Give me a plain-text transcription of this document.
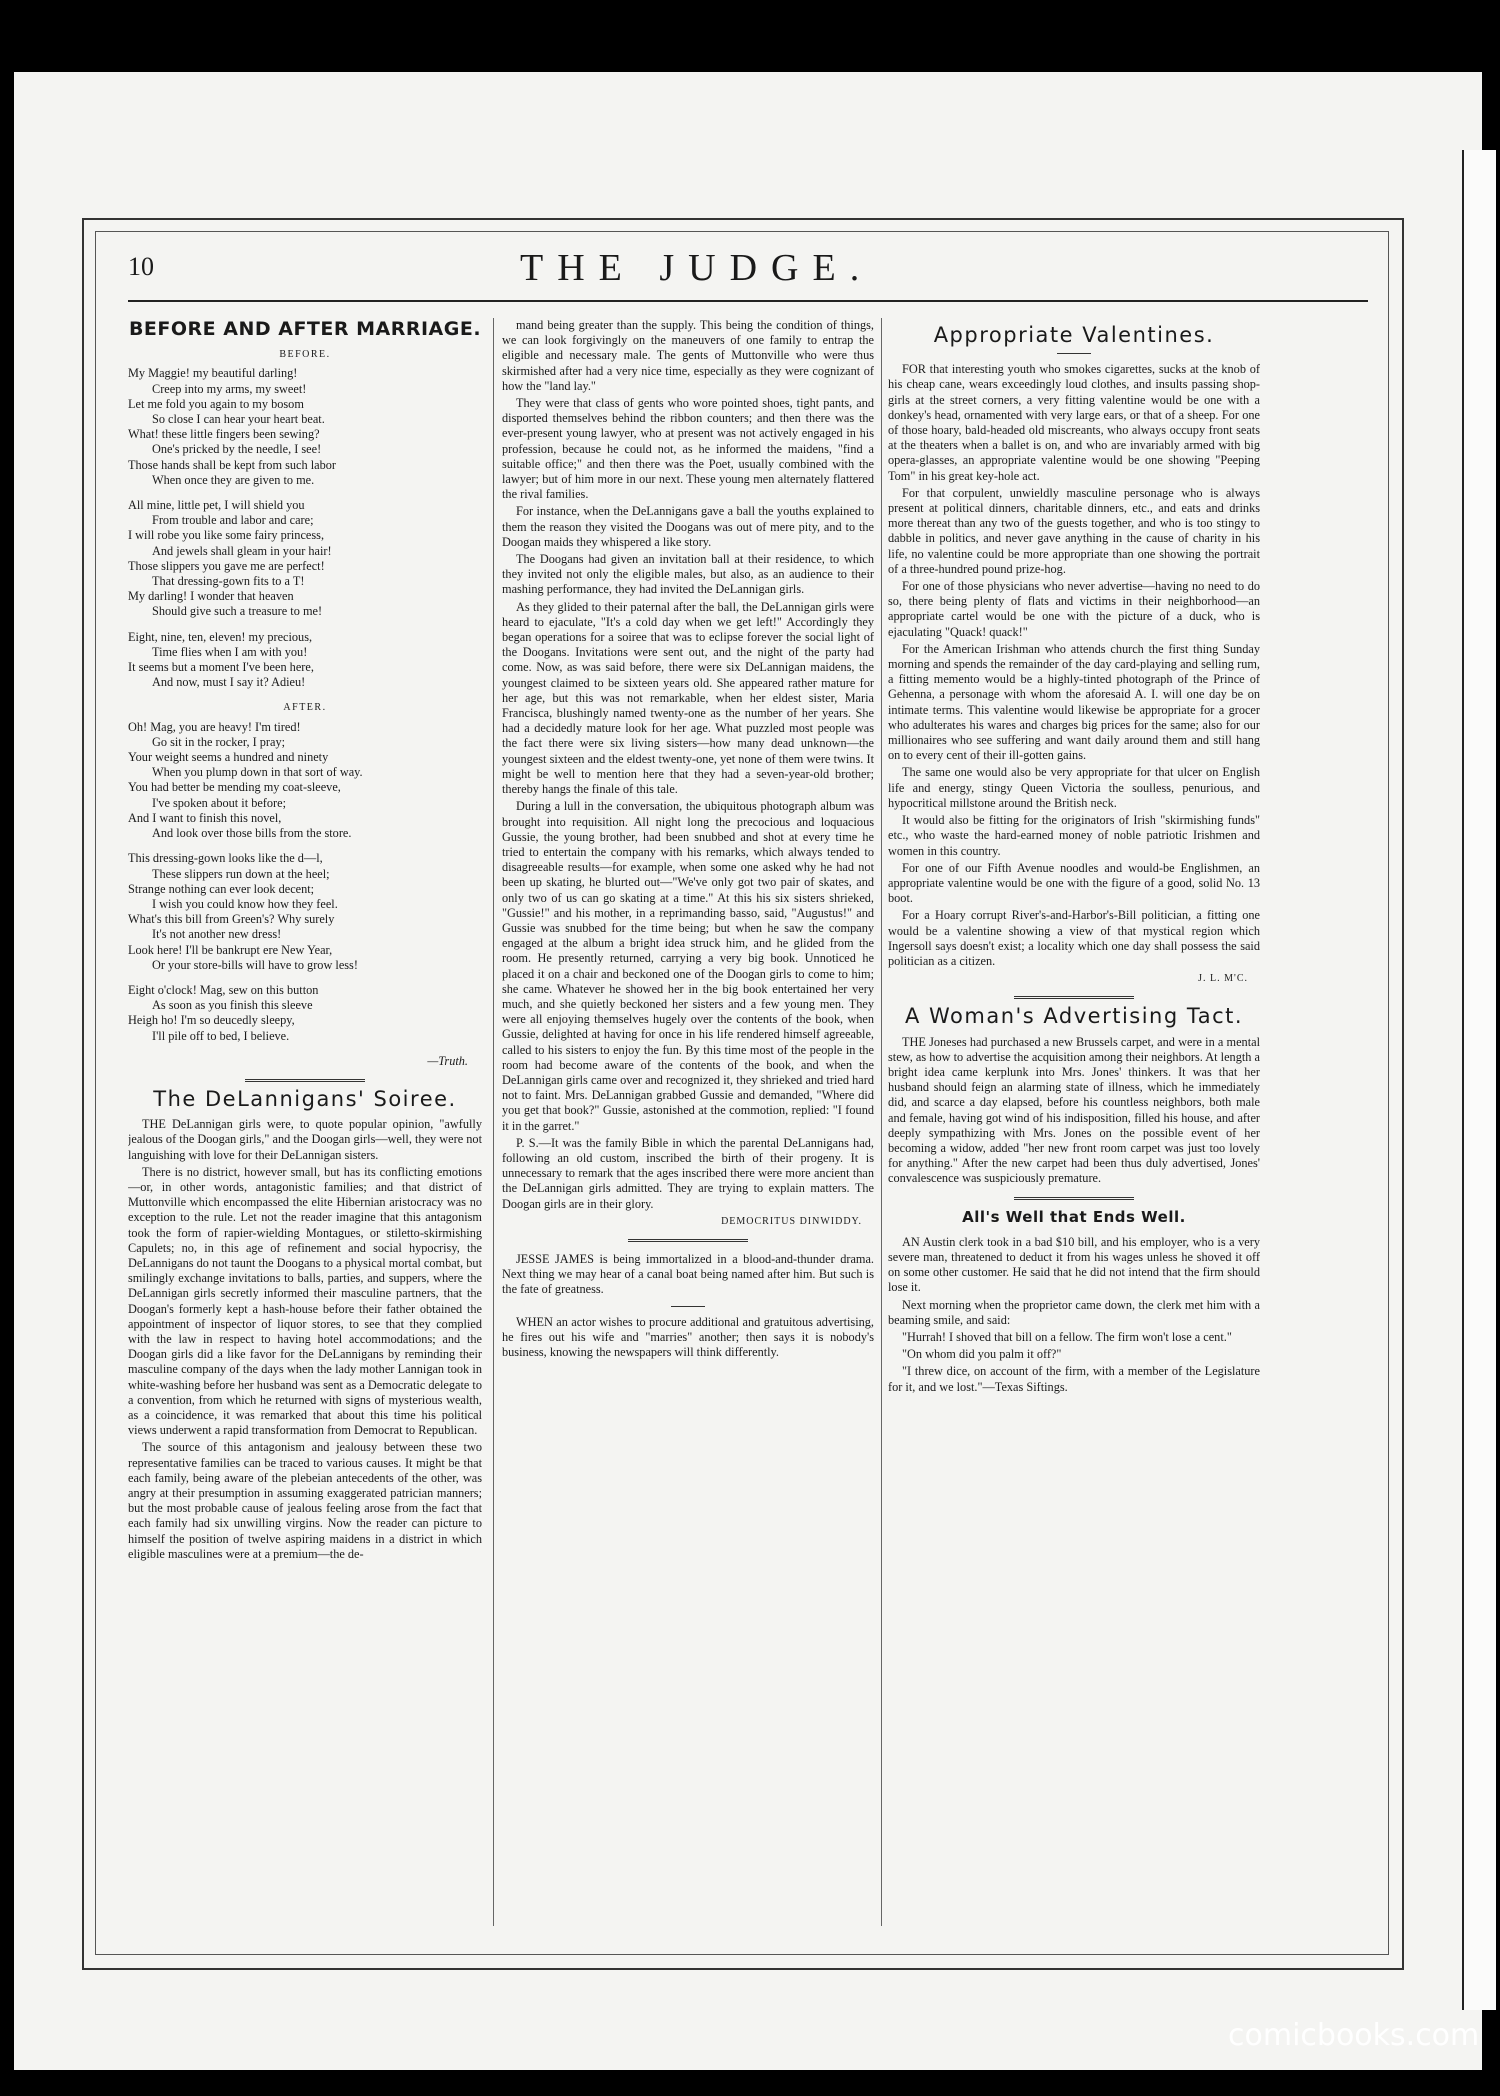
10	THE JUDGE.
BEFORE AND AFTER MARRIAGE.
BEFORE.
My Maggie! my beautiful darling!
Creep into my arms, my sweet!
Let me fold you again to my bosom
So close I can hear your heart beat.
What! these little fingers been sewing?
One's pricked by the needle, I see!
Those hands shall be kept from such labor
When once they are given to me.
All mine, little pet, I will shield you
From trouble and labor and care;
I will robe you like some fairy princess,
And jewels shall gleam in your hair!
Those slippers you gave me are perfect!
That dressing-gown fits to a T!
My darling! I wonder that heaven
Should give such a treasure to me!
Eight, nine, ten, eleven! my precious,
Time flies when I am with you!
It seems but a moment I've been here,
And now, must I say it? Adieu!
AFTER.
Oh! Mag, you are heavy! I'm tired!
Go sit in the rocker, I pray;
Your weight seems a hundred and ninety
When you plump down in that sort of way.
You had better be mending my coat-sleeve,
I've spoken about it before;
And I want to finish this novel,
And look over those bills from the store.
This dressing-gown looks like the d—l,
These slippers run down at the heel;
Strange nothing can ever look decent;
I wish you could know how they feel.
What's this bill from Green's? Why surely
It's not another new dress!
Look here! I'll be bankrupt ere New Year,
Or your store-bills will have to grow less!
Eight o'clock! Mag, sew on this button
As soon as you finish this sleeve
Heigh ho! I'm so deucedly sleepy,
I'll pile off to bed, I believe.
—Truth.
The DeLannigans' Soiree.

THE DeLannigan girls were, to quote popular opinion, "awfully jealous of the Doogan girls," and the Doogan girls—well, they were not languishing with love for their DeLannigan sisters.

There is no district, however small, but has its conflicting emotions—or, in other words, antagonistic families; and that district of Muttonville which encompassed the elite Hibernian aristocracy was no exception to the rule. Let not the reader imagine that this antagonism took the form of rapier-wielding Montagues, or stiletto-skirmishing Capulets; no, in this age of refinement and social hypocrisy, the DeLannigans do not taunt the Doogans to a physical mortal combat, but smilingly exchange invitations to balls, parties, and suppers, where the DeLannigan girls secretly informed their masculine partners, that the Doogan's formerly kept a hash-house before their father obtained the appointment of inspector of liquor stores, to see that they complied with the law in respect to having hotel accommodations; and the Doogan girls did a like favor for the DeLannigans by reminding their masculine company of the days when the lady mother Lannigan took in white-washing before her husband was sent as a Democratic delegate to a convention, from which he returned with signs of mysterious wealth, as a coincidence, it was remarked that about this time his political views underwent a rapid transformation from Democrat to Republican.

The source of this antagonism and jealousy between these two representative families can be traced to various causes. It might be that each family, being aware of the plebeian antecedents of the other, was angry at their presumption in assuming exaggerated patrician manners; but the most probable cause of jealous feeling arose from the fact that each family had six unwilling virgins. Now the reader can picture to himself the position of twelve aspiring maidens in a district in which eligible masculines were at a premium—the de-

mand being greater than the supply. This being the condition of things, we can look forgivingly on the maneuvers of one family to entrap the eligible and necessary male. The gents of Muttonville who were thus skirmished after had a very nice time, especially as they were cognizant of how the "land lay."

They were that class of gents who wore pointed shoes, tight pants, and disported themselves behind the ribbon counters; and then there was the ever-present young lawyer, who at present was not actively engaged in his profession, because he could not, as he informed the maidens, "find a suitable office;" and then there was the Poet, usually combined with the lawyer; but of him more in our next. These young men alternately flattered the rival families.

For instance, when the DeLannigans gave a ball the youths explained to them the reason they visited the Doogans was out of mere pity, and to the Doogan maids they whispered a like story.

The Doogans had given an invitation ball at their residence, to which they invited not only the eligible males, but also, as an audience to their mashing performance, they had invited the DeLannigan girls.

As they glided to their paternal after the ball, the DeLannigan girls were heard to ejaculate, "It's a cold day when we get left!" Accordingly they began operations for a soiree that was to eclipse forever the social light of the Doogans. Invitations were sent out, and the night of the party had come. Now, as was said before, there were six DeLannigan maidens, the youngest claimed to be sixteen years old. She appeared rather mature for her age, but this was not remarkable, when her eldest sister, Maria Francisca, blushingly named twenty-one as the number of her years. She had a decidedly mature look for her age. What puzzled most people was the fact there were six living sisters—how many dead unknown—the youngest sixteen and the eldest twenty-one, yet none of them were twins. It might be well to mention here that they had a seven-year-old brother; thereby hangs the finale of this tale.

During a lull in the conversation, the ubiquitous photograph album was brought into requisition. All night long the precocious and loquacious Gussie, the young brother, had been snubbed and shot at every time he tried to entertain the company with his remarks, which always tended to disagreeable results—for example, when some one asked why he had not been up skating, he blurted out—"We've only got two pair of skates, and only two of us can go skating at a time." At this his six sisters shrieked, "Gussie!" and his mother, in a reprimanding basso, said, "Augustus!" and Gussie was snubbed for the time being; but when he saw the company engaged at the album a bright idea struck him, and he glided from the room. He presently returned, carrying a very big book. Unnoticed he placed it on a chair and beckoned one of the Doogan girls to come to him; she came. Whatever he showed her in the big book entertained her very much, and she quietly beckoned her sisters and a few young men. They were all enjoying themselves hugely over the contents of the book, when Gussie, delighted at having for once in his life rendered himself agreeable, called to his sisters to enjoy the fun. By this time most of the people in the room had become aware of the contents of the book, and when the DeLannigan girls came over and recognized it, they shrieked and tried hard not to faint. Mrs. DeLannigan grabbed Gussie and demanded, "Where did you get that book?" Gussie, astonished at the commotion, replied: "I found it in the garret."

P. S.—It was the family Bible in which the parental DeLannigans had, following an old custom, inscribed the birth of their progeny. It is unnecessary to remark that the ages inscribed there were more ancient than the DeLannigan girls admitted. They are trying to explain matters. The Doogan girls are in their glory.

DEMOCRITUS DINWIDDY.

JESSE JAMES is being immortalized in a blood-and-thunder drama. Next thing we may hear of a canal boat being named after him. But such is the fate of greatness.

WHEN an actor wishes to procure additional and gratuitous advertising, he fires out his wife and "marries" another; then says it is nobody's business, knowing the newspapers will think differently.

Appropriate Valentines.

FOR that interesting youth who smokes cigarettes, sucks at the knob of his cheap cane, wears exceedingly loud clothes, and insults passing shop-girls at the street corners, a very fitting valentine would be one with a donkey's head, ornamented with very large ears, or that of a sheep. For one of those hoary, bald-headed old miscreants, who always occupy front seats at the theaters when a ballet is on, and who are invariably armed with big opera-glasses, an appropriate valentine would be one showing "Peeping Tom" in his great key-hole act.

For that corpulent, unwieldly masculine personage who is always present at political dinners, charitable dinners, etc., and eats and drinks more thereat than any two of the guests together, and who is too stingy to dabble in politics, and never gave anything in the cause of charity in his life, no valentine could be more appropriate than one showing the portrait of a three-hundred pound prize-hog.

For one of those physicians who never advertise—having no need to do so, there being plenty of flats and victims in their neighborhood—an appropriate cartel would be one with the picture of a duck, who is ejaculating "Quack! quack!"

For the American Irishman who attends church the first thing Sunday morning and spends the remainder of the day card-playing and selling rum, a fitting memento would be a highly-tinted photograph of the Prince of Gehenna, a personage with whom the aforesaid A. I. will one day be on intimate terms. This valentine would likewise be appropriate for a grocer who adulterates his wares and charges big prices for the same; also for our millionaires who see suffering and want daily around them and still hang on to every cent of their ill-gotten gains.

The same one would also be very appropriate for that ulcer on English life and energy, stingy Queen Victoria the soulless, penurious, and hypocritical millstone around the British neck.

It would also be fitting for the originators of Irish "skirmishing funds" etc., who waste the hard-earned money of noble patriotic Irishmen and women in this country.

For one of our Fifth Avenue noodles and would-be Englishmen, an appropriate valentine would be one with the figure of a good, solid No. 13 boot.

For a Hoary corrupt River's-and-Harbor's-Bill politician, a fitting one would be a valentine showing a view of that mystical region which Ingersoll says doesn't exist; a locality which one day shall possess the said politician as a citizen.

J. L. M'C.
A Woman's Advertising Tact.

THE Joneses had purchased a new Brussels carpet, and were in a mental stew, as how to advertise the acquisition among their neighbors. At length a bright idea came kerplunk into Mrs. Jones' thinkers. It was that her husband should feign an alarming state of illness, which he immediately did, and scarce a day elapsed, before his countless neighbors, both male and female, having got wind of his indisposition, filled his house, and after deeply sympathizing with Mrs. Jones on the possible event of her becoming a widow, added "her new front room carpet was just too lovely for anything." After the new carpet had been thus duly advertised, Jones' convalescence was suspiciously premature.

All's Well that Ends Well.

AN Austin clerk took in a bad $10 bill, and his employer, who is a very severe man, threatened to deduct it from his wages unless he shoved it off on some other customer. He said that he did not intend that the firm should lose it.

Next morning when the proprietor came down, the clerk met him with a beaming smile, and said:

"Hurrah! I shoved that bill on a fellow. The firm won't lose a cent."

"On whom did you palm it off?"

"I threw dice, on account of the firm, with a member of the Legislature for it, and we lost."—Texas Siftings.

comicbooks.com
